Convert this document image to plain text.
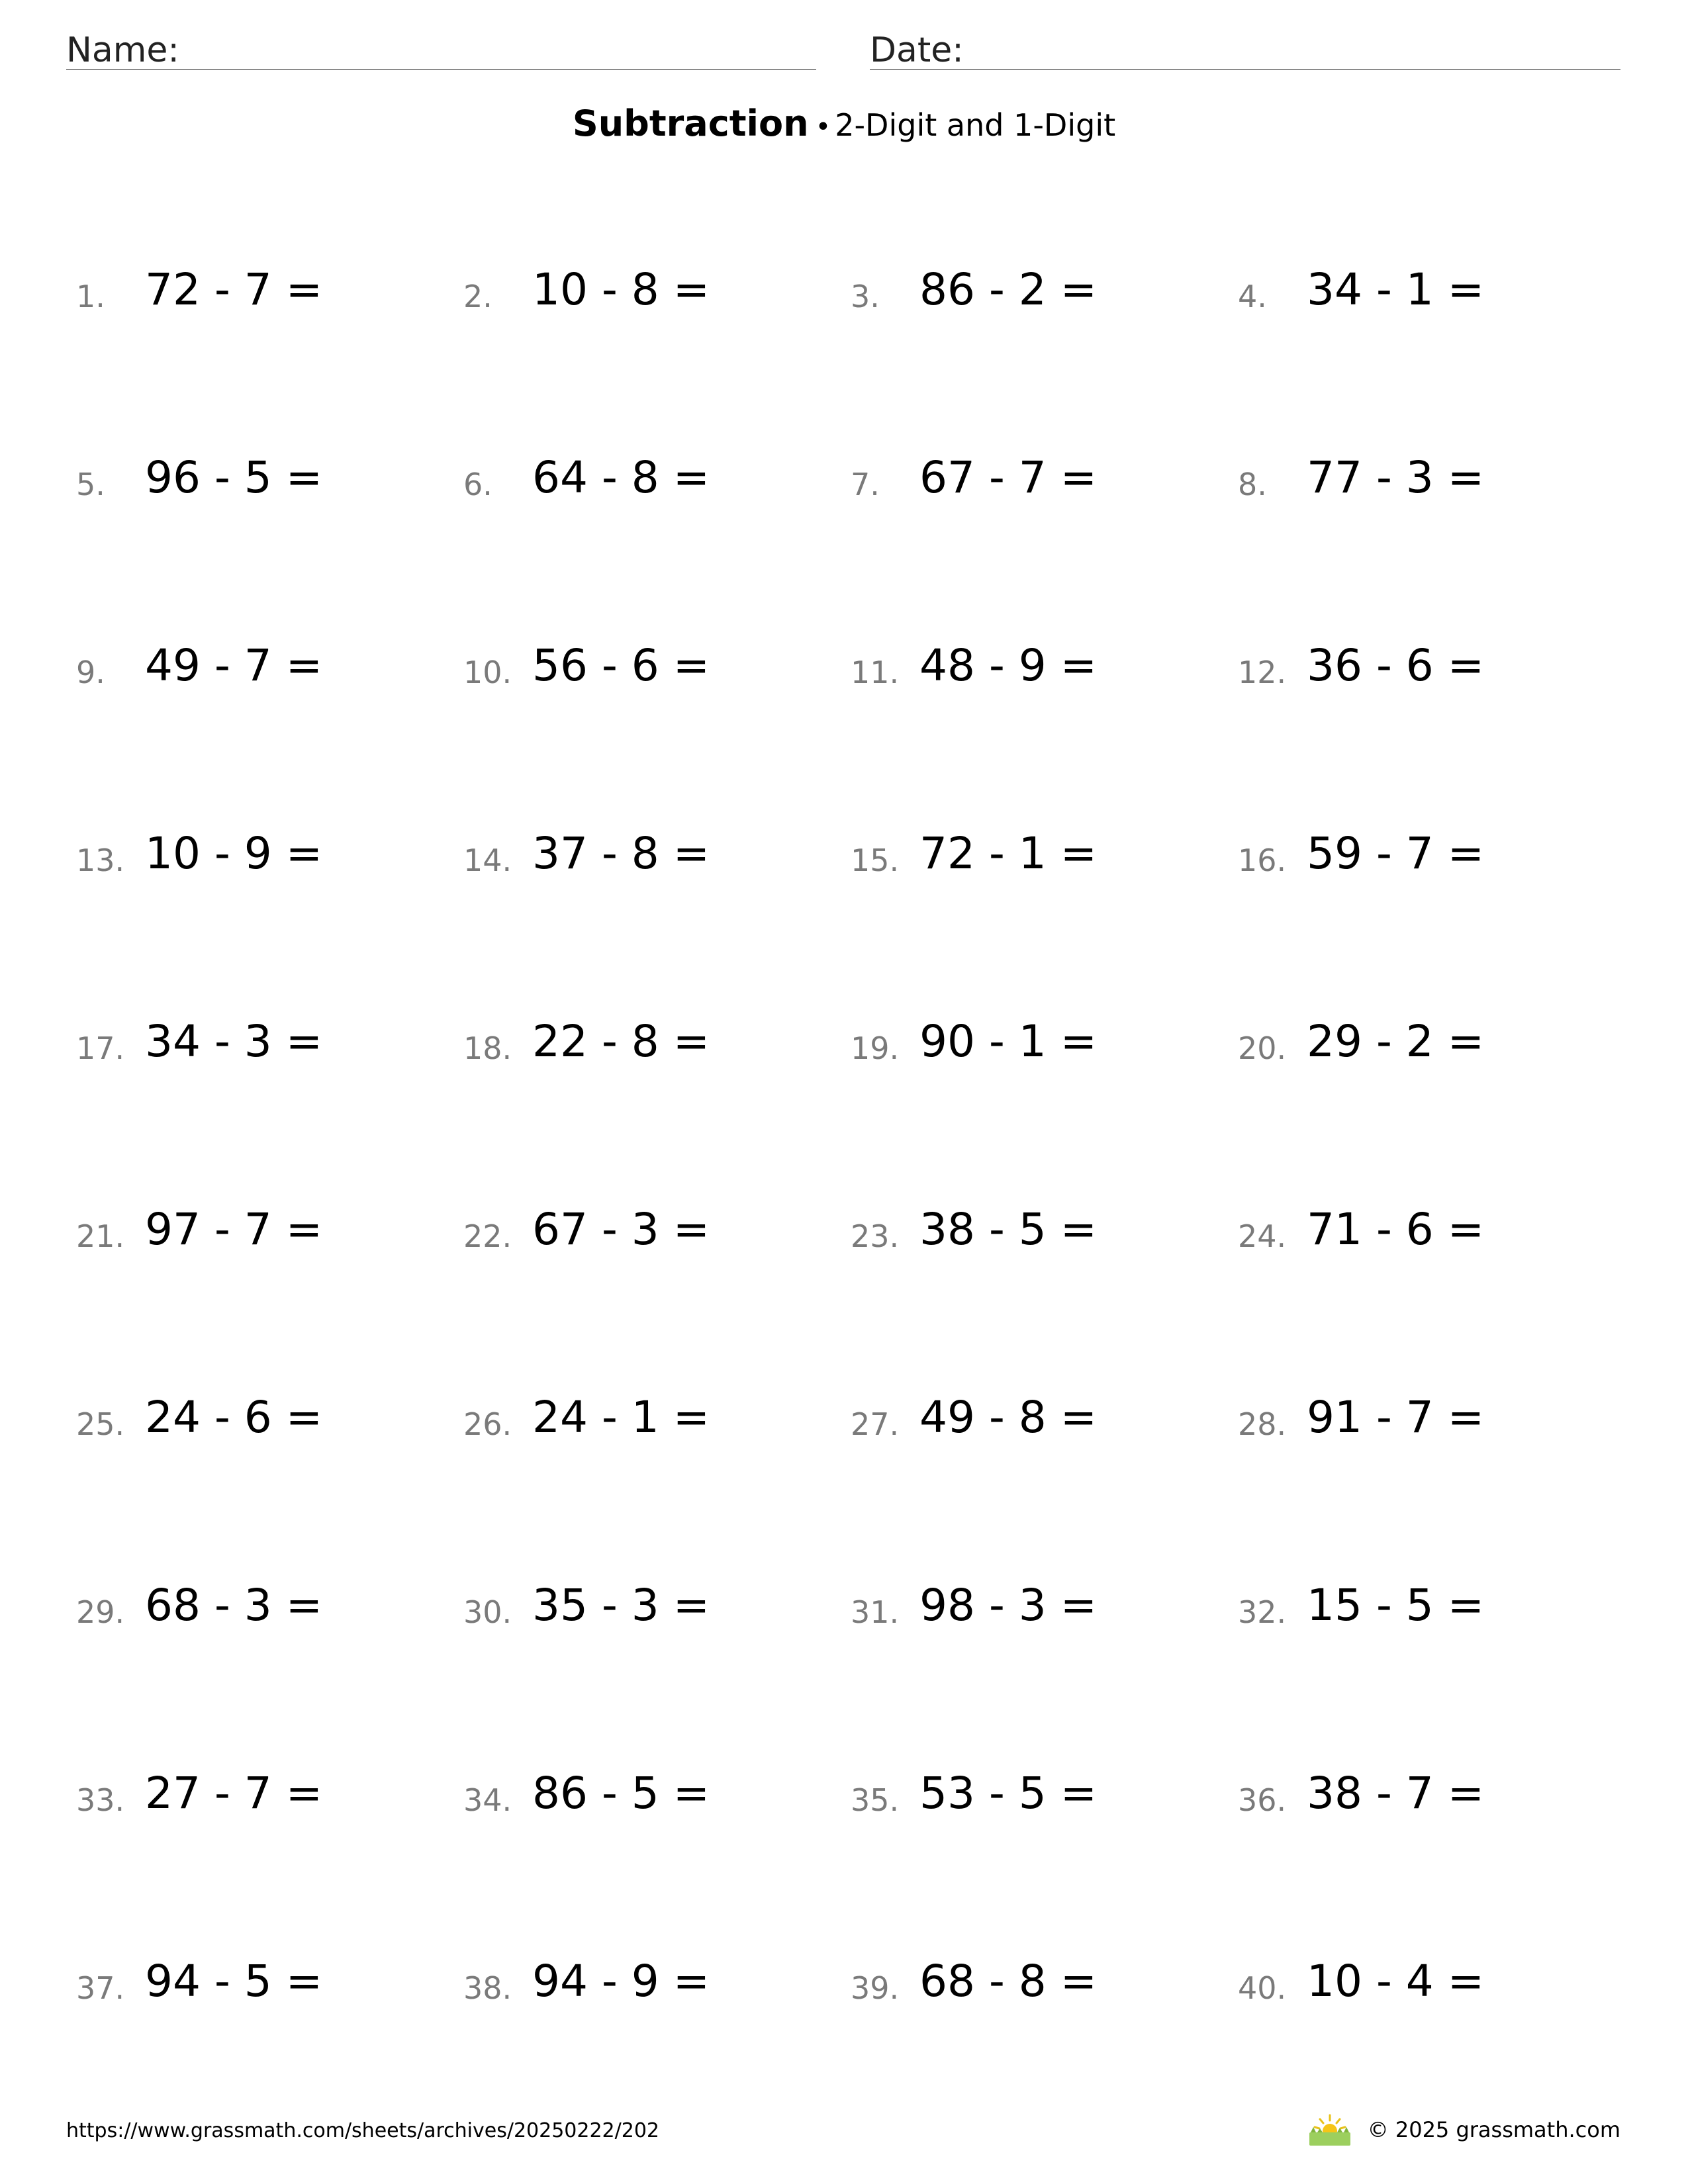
Name:	Date:
Subtraction • 2-Digit and 1-Digit
1. 72 - 7 =	2. 10 - 8 =	3. 86 - 2 =	4. 34 - 1 =
5. 96 - 5 =	6. 64 - 8 =	7. 67 - 7 =	8. 77 - 3 =
9. 49 - 7 =	10. 56 - 6 =	11. 48 - 9 =	12. 36 - 6 =
13. 10 - 9 =	14. 37 - 8 =	15. 72 - 1 =	16. 59 - 7 =
17. 34 - 3 =	18. 22 - 8 =	19. 90 - 1 =	20. 29 - 2 =
21. 97 - 7 =	22. 67 - 3 =	23. 38 - 5 =	24. 71 - 6 =
25. 24 - 6 =	26. 24 - 1 =	27. 49 - 8 =	28. 91 - 7 =
29. 68 - 3 =	30. 35 - 3 =	31. 98 - 3 =	32. 15 - 5 =
33. 27 - 7 =	34. 86 - 5 =	35. 53 - 5 =	36. 38 - 7 =
37. 94 - 5 =	38. 94 - 9 =	39. 68 - 8 =	40. 10 - 4 =
https://www.grassmath.com/sheets/archives/20250222/202	© 2025 grassmath.com
